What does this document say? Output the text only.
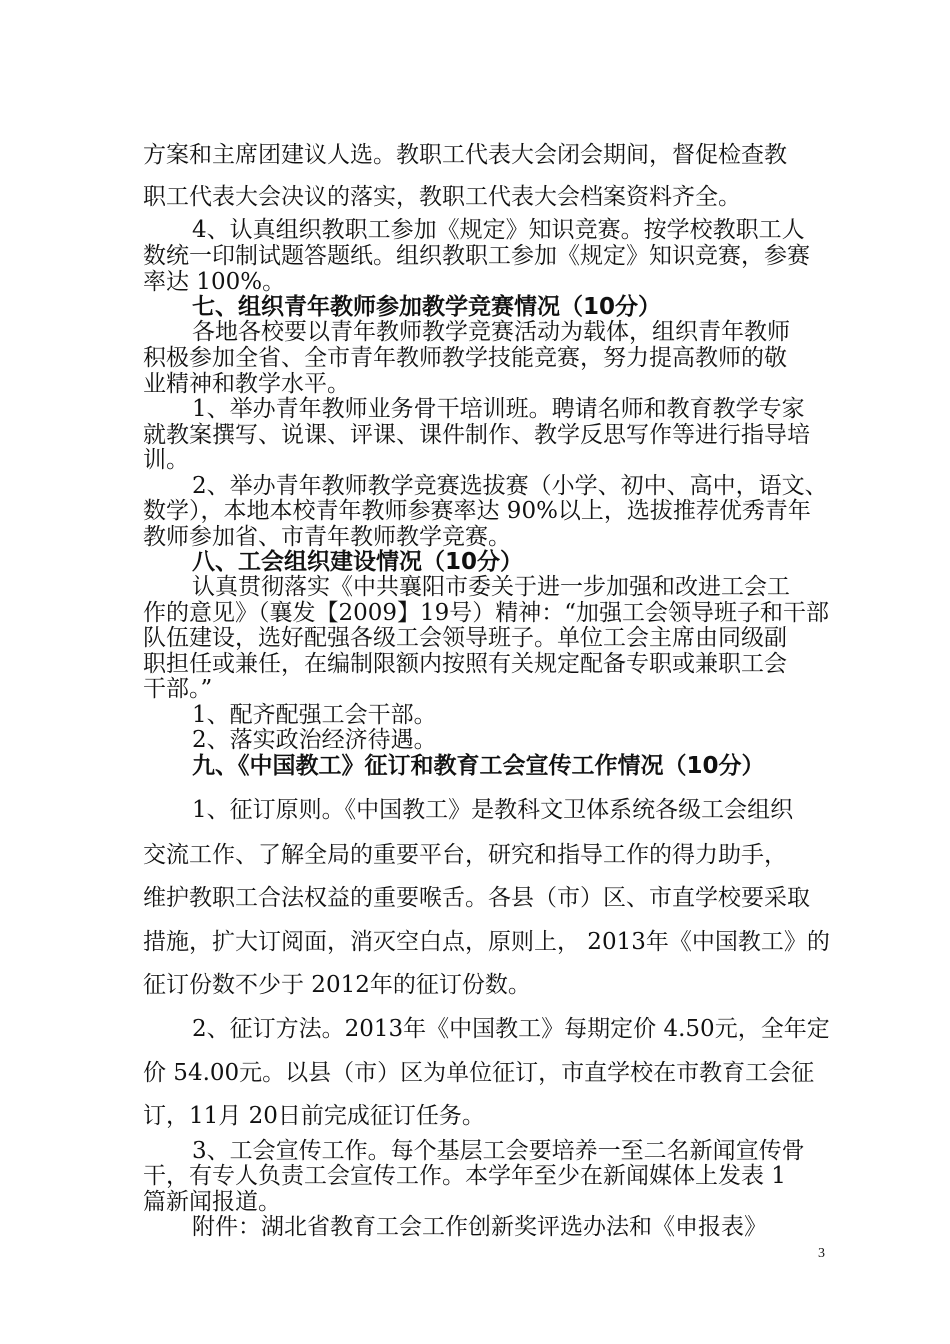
方案和主席团建议人选。教职工代表大会闭会期间，督促检查教
职工代表大会决议的落实，教职工代表大会档案资料齐全。
4、认真组织教职工参加《规定》知识竞赛。按学校教职工人
数统一印制试题答题纸。组织教职工参加《规定》知识竞赛，参赛
率达 100%。
七、组织青年教师参加教学竞赛情况（10分）
各地各校要以青年教师教学竞赛活动为载体，组织青年教师
积极参加全省、全市青年教师教学技能竞赛，努力提高教师的敬
业精神和教学水平。
1、举办青年教师业务骨干培训班。聘请名师和教育教学专家
就教案撰写、说课、评课、课件制作、教学反思写作等进行指导培
训。
2、举办青年教师教学竞赛选拔赛（小学、初中、高中，语文、
数学），本地本校青年教师参赛率达 90%以上，选拔推荐优秀青年
教师参加省、市青年教师教学竞赛。
八、工会组织建设情况（10分）
认真贯彻落实《中共襄阳市委关于进一步加强和改进工会工
作的意见》（襄发【2009】19号）精神：“加强工会领导班子和干部
队伍建设，选好配强各级工会领导班子。单位工会主席由同级副
职担任或兼任，在编制限额内按照有关规定配备专职或兼职工会
干部。”
1、配齐配强工会干部。
2、落实政治经济待遇。
九、《中国教工》征订和教育工会宣传工作情况（10分）
1、征订原则。《中国教工》是教科文卫体系统各级工会组织
交流工作、了解全局的重要平台，研究和指导工作的得力助手，
维护教职工合法权益的重要喉舌。各县（市）区、市直学校要采取
措施，扩大订阅面，消灭空白点，原则上， 2013年《中国教工》的
征订份数不少于 2012年的征订份数。
2、征订方法。2013年《中国教工》每期定价 4.50元，全年定
价 54.00元。以县（市）区为单位征订，市直学校在市教育工会征
订，11月 20日前完成征订任务。
3、工会宣传工作。每个基层工会要培养一至二名新闻宣传骨
干，有专人负责工会宣传工作。本学年至少在新闻媒体上发表 1
篇新闻报道。
附件：湖北省教育工会工作创新奖评选办法和《申报表》
3
